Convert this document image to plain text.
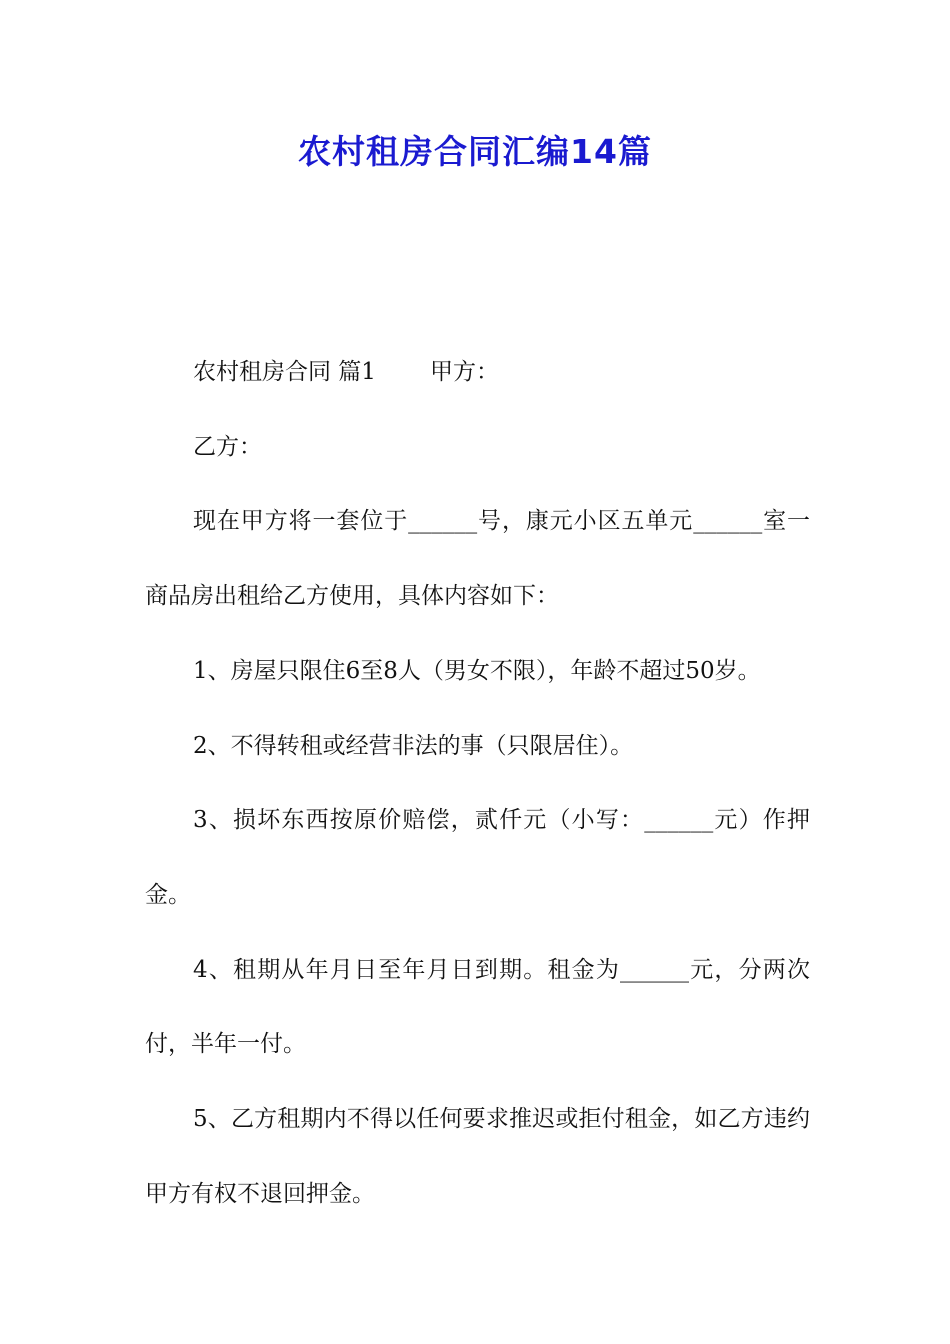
农村租房合同汇编14篇

农村租房合同 篇1 甲方：

乙方：

现在甲方将一套位于______号，康元小区五单元______室一商品房出租给乙方使用，具体内容如下：

1、房屋只限住6至8人（男女不限），年龄不超过50岁。

2、不得转租或经营非法的事（只限居住）。

3、损坏东西按原价赔偿，贰仟元（小写：______元）作押金。

4、租期从年月日至年月日到期。租金为______元，分两次付，半年一付。

5、乙方租期内不得以任何要求推迟或拒付租金，如乙方违约甲方有权不退回押金。
